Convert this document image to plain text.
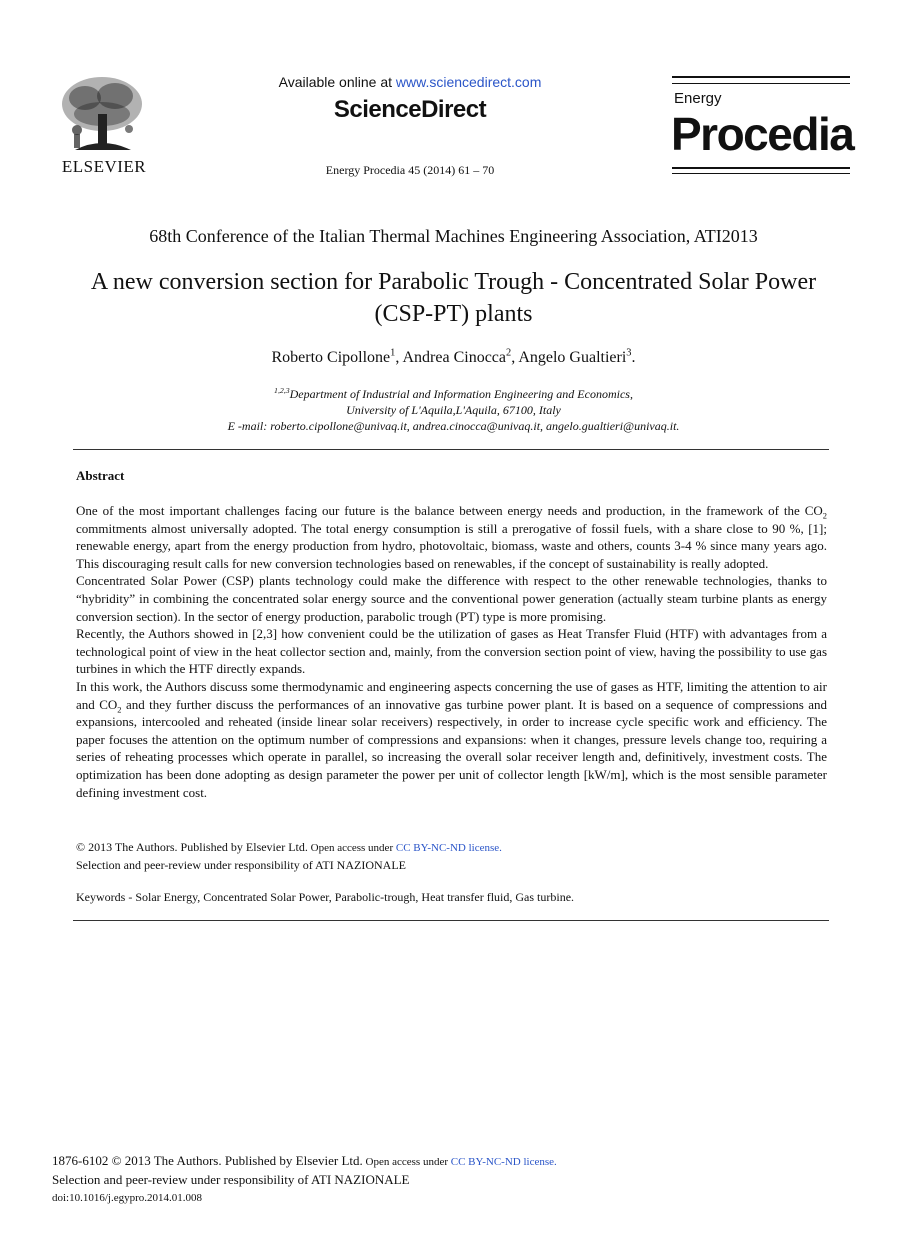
ELSEVIER
Available online at www.sciencedirect.com
ScienceDirect
Energy Procedia 45 (2014) 61 – 70
Energy
Procedia
68th Conference of the Italian Thermal Machines Engineering Association, ATI2013
A new conversion section for Parabolic Trough - Concentrated Solar Power (CSP-PT) plants
Roberto Cipollone$^1$, Andrea Cinocca$^2$, Angelo Gualtieri$^3$.
$^{1,2,3}$Department of Industrial and Information Engineering and Economics,
University of L'Aquila,L'Aquila, 67100, Italy
E -mail: roberto.cipollone@univaq.it, andrea.cinocca@univaq.it, angelo.gualtieri@univaq.it.
Abstract

One of the most important challenges facing our future is the balance between energy needs and production, in the framework of the $CO_2$ commitments almost universally adopted. The total energy consumption is still a prerogative of fossil fuels, with a share close to 90 %, [1]; renewable energy, apart from the energy production from hydro, photovoltaic, biomass, waste and others, counts 3-4 % since many years ago. This discouraging result calls for new conversion technologies based on renewables, if the concept of sustainability is really adopted.

Concentrated Solar Power (CSP) plants technology could make the difference with respect to the other renewable technologies, thanks to “hybridity” in combining the concentrated solar energy source and the conventional power generation (actually steam turbine plants as energy conversion section). In the sector of energy production, parabolic trough (PT) type is more promising.

Recently, the Authors showed in [2,3] how convenient could be the utilization of gases as Heat Transfer Fluid (HTF) with advantages from a technological point of view in the heat collector section and, mainly, from the conversion section point of view, having the possibility to use gas turbines in which the HTF directly expands.

In this work, the Authors discuss some thermodynamic and engineering aspects concerning the use of gases as HTF, limiting the attention to air and $CO_2$ and they further discuss the performances of an innovative gas turbine power plant. It is based on a sequence of compressions and expansions, intercooled and reheated (inside linear solar receivers) respectively, in order to increase cycle specific work and efficiency. The paper focuses the attention on the optimum number of compressions and expansions: when it changes, pressure levels change too, requiring a series of reheating processes which operate in parallel, so increasing the overall solar receiver length and, definitively, investment costs. The optimization has been done adopting as design parameter the power per unit of collector length [kW/m], which is the most sensible parameter defining investment cost.

© 2013 The Authors. Published by Elsevier Ltd. Open access under CC BY-NC-ND license.
Selection and peer-review under responsibility of ATI NAZIONALE
Keywords - Solar Energy, Concentrated Solar Power, Parabolic-trough, Heat transfer fluid, Gas turbine.
1876-6102 © 2013 The Authors. Published by Elsevier Ltd. Open access under CC BY-NC-ND license.
Selection and peer-review under responsibility of ATI NAZIONALE
doi:10.1016/j.egypro.2014.01.008
